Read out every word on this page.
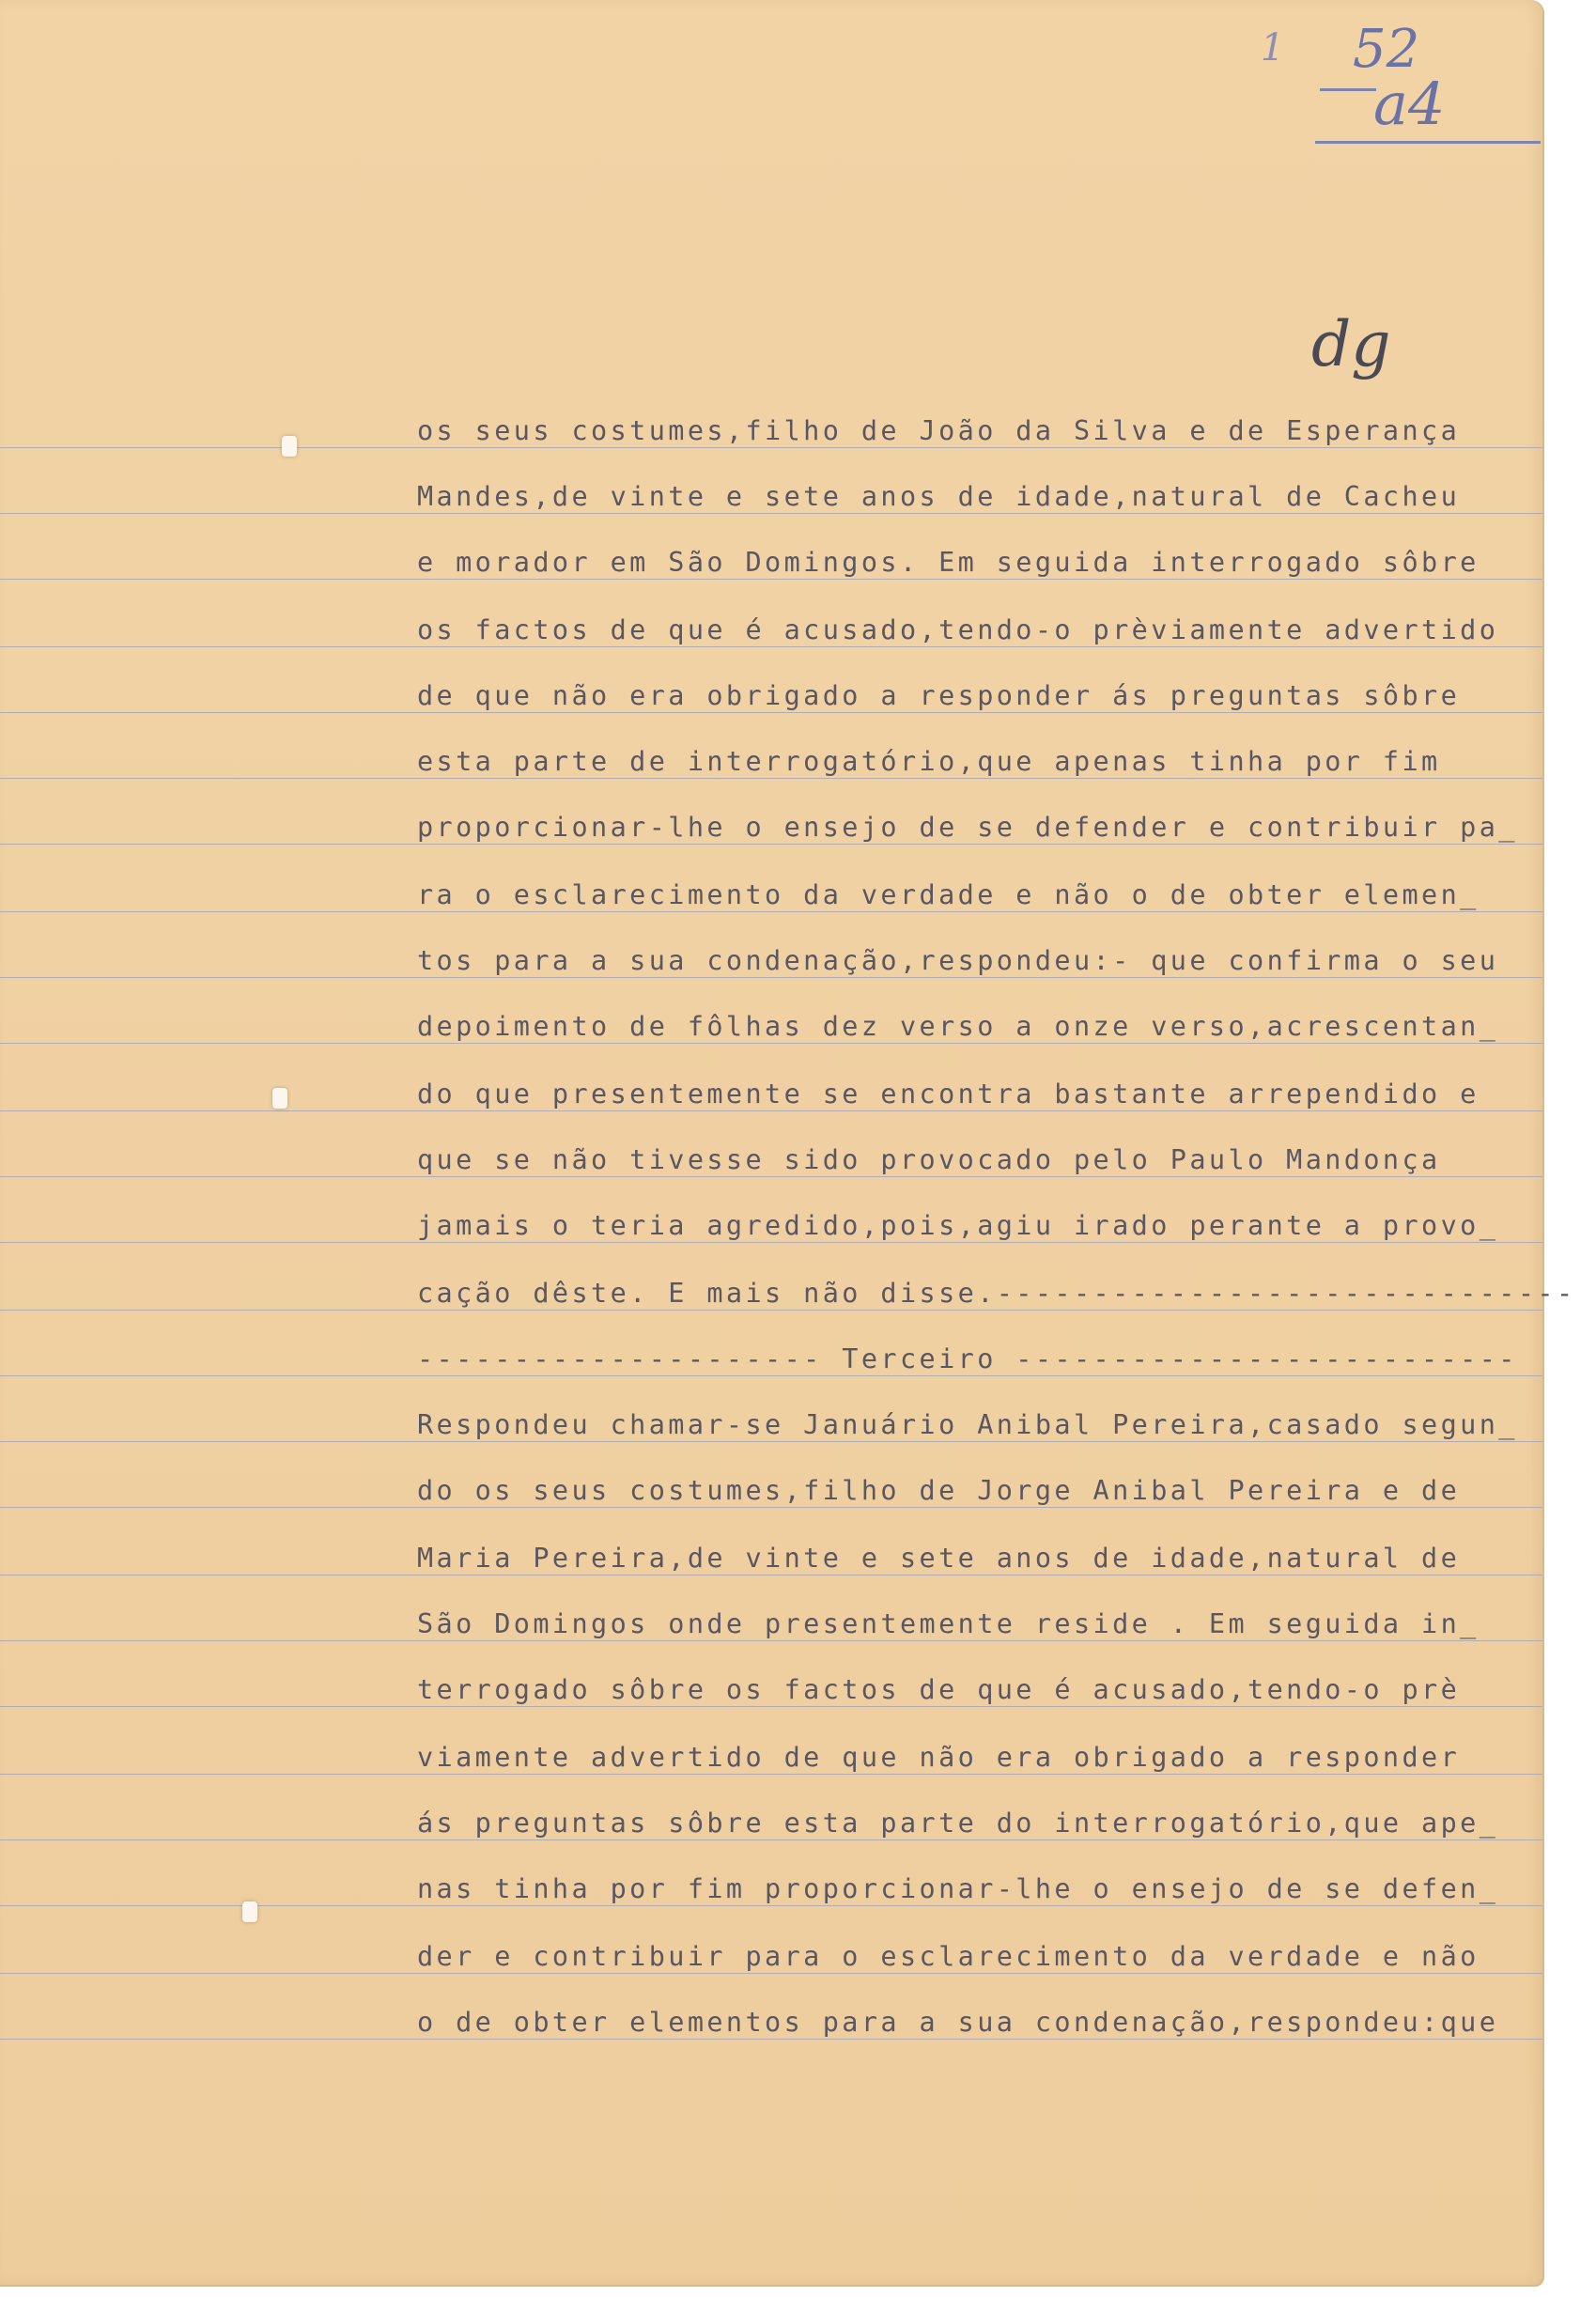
1 52
a4
dg

os seus costumes,filho de João da Silva e de Esperança

Mandes,de vinte e sete anos de idade,natural de Cacheu

e morador em São Domingos. Em seguida interrogado sôbre

os factos de que é acusado,tendo-o prèviamente advertido

de que não era obrigado a responder ás preguntas sôbre

esta parte de interrogatório,que apenas tinha por fim

proporcionar-lhe o ensejo de se defender e contribuir pa_

ra o esclarecimento da verdade e não o de obter elemen_

tos para a sua condenação,respondeu:- que confirma o seu

depoimento de fôlhas dez verso a onze verso,acrescentan_

do que presentemente se encontra bastante arrependido e

que se não tivesse sido provocado pelo Paulo Mandonça

jamais o teria agredido,pois,agiu irado perante a provo_

cação dêste. E mais não disse.------------------------------

--------------------- Terceiro --------------------------

Respondeu chamar-se Januário Anibal Pereira,casado segun_

do os seus costumes,filho de Jorge Anibal Pereira e de

Maria Pereira,de vinte e sete anos de idade,natural de

São Domingos onde presentemente reside . Em seguida in_

terrogado sôbre os factos de que é acusado,tendo-o prè

viamente advertido de que não era obrigado a responder

ás preguntas sôbre esta parte do interrogatório,que ape_

nas tinha por fim proporcionar-lhe o ensejo de se defen_

der e contribuir para o esclarecimento da verdade e não

o de obter elementos para a sua condenação,respondeu:que
